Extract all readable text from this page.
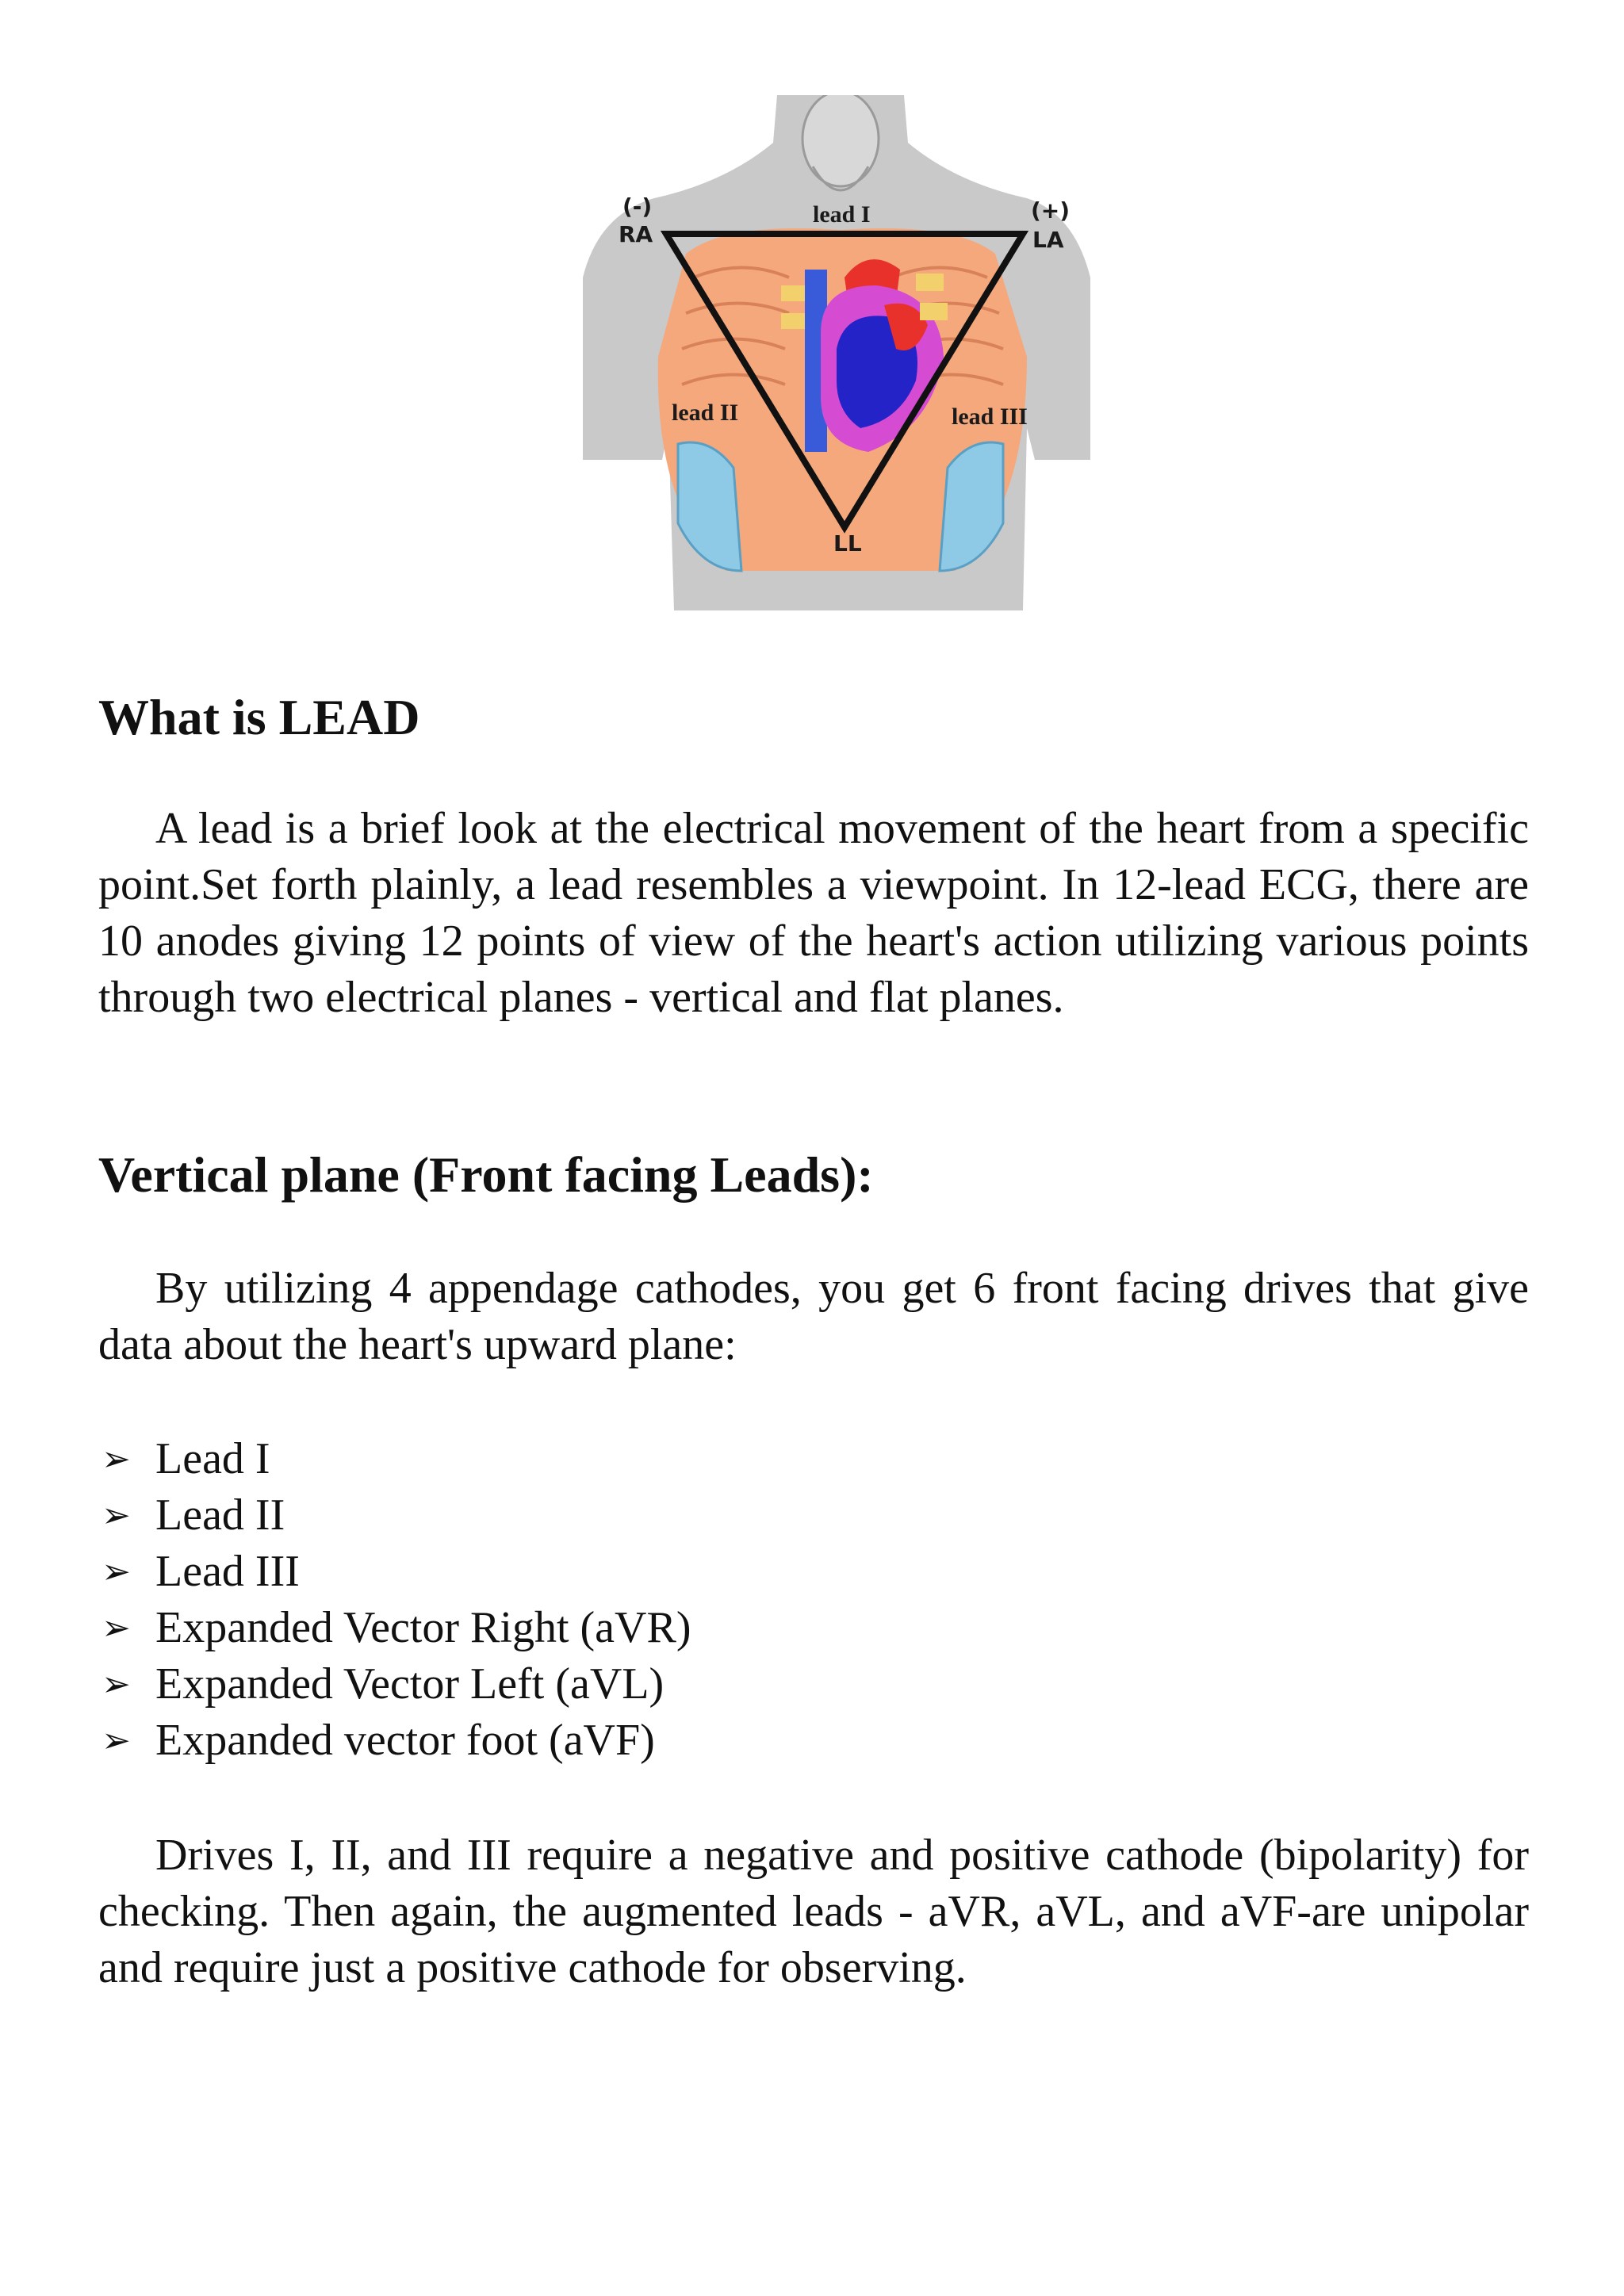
(-)
RA
(+)
LA
lead I
lead II	lead III
LL
What is LEAD

A lead is a brief look at the electrical movement of the heart from a specific point.Set forth plainly, a lead resembles a viewpoint. In 12-lead ECG, there are 10 anodes giving 12 points of view of the heart's action utilizing various points through two electrical planes - vertical and flat planes.

Vertical plane (Front facing Leads):

By utilizing 4 appendage cathodes, you get 6 front facing drives that give data about the heart's upward plane:

➢ Lead I
➢ Lead II
➢ Lead III
➢ Expanded Vector Right (aVR)
➢ Expanded Vector Left (aVL)
➢ Expanded vector foot (aVF)

Drives I, II, and III require a negative and positive cathode (bipolarity) for checking. Then again, the augmented leads - aVR, aVL, and aVF-are unipolar and require just a positive cathode for observing.
